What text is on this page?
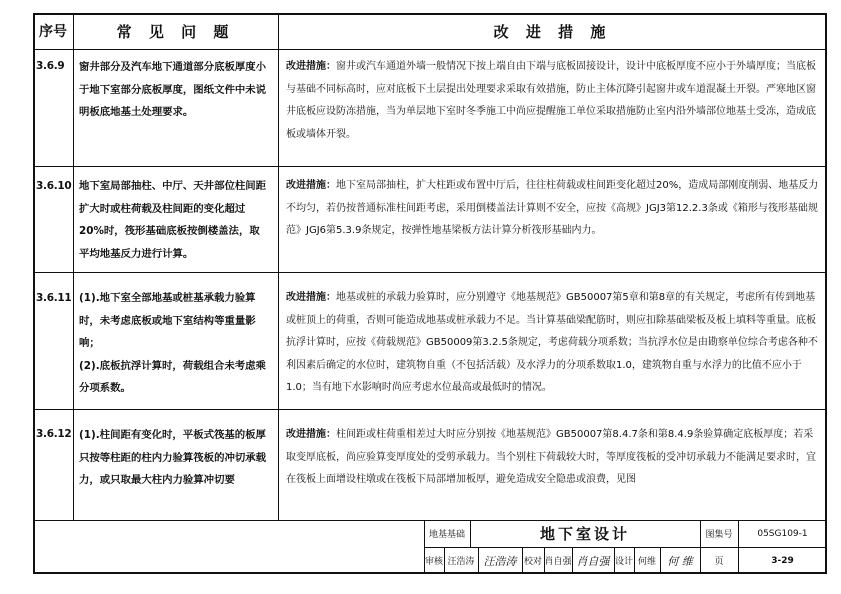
序号	常 见 问 题	改 进 措 施
3.6.9	窗井部分及汽车地下通道部分底板厚度小于地下室部分底板厚度，图纸文件中未说明板底地基土处理要求。
改进措施：窗井或汽车通道外墙一般情况下按上端自由下端与底板固接设计，设计中底板厚度不应小于外墙厚度；当底板与基础不同标高时，应对底板下土层提出处理要求采取有效措施，防止主体沉降引起窗井或车道混凝土开裂。严寒地区窗井底板应设防冻措施，当为单层地下室时冬季施工中尚应提醒施工单位采取措施防止室内沿外墙部位地基土受冻，造成底板或墙体开裂。
3.6.10 地下室局部抽柱、中厅、天井部位柱间距扩大时或柱荷载及柱间距的变化超过20%时，筏形基础底板按倒楼盖法，取平均地基反力进行计算。
改进措施：地下室局部抽柱，扩大柱距或布置中厅后，往往柱荷载或柱间距变化超过20%，造成局部刚度削弱、地基反力不均匀，若仍按普通标准柱间距考虑，采用倒楼盖法计算则不安全，应按《高规》JGJ3第12.2.3条或《箱形与筏形基础规范》JGJ6第5.3.9条规定，按弹性地基梁板方法计算分析筏形基础内力。
3.6.11 (1).地下室全部地基或桩基承载力验算时，未考虑底板或地下室结构等重量影响；
(2).底板抗浮计算时，荷载组合未考虑乘分项系数。
改进措施：地基或桩的承载力验算时，应分别遵守《地基规范》GB50007第5章和第8章的有关规定，考虑所有传到地基或桩顶上的荷重，否则可能造成地基或桩承载力不足。当计算基础梁配筋时，则应扣除基础梁板及板上填料等重量。底板抗浮计算时，应按《荷载规范》GB50009第3.2.5条规定，考虑荷载分项系数；当抗浮水位是由勘察单位综合考虑各种不利因素后确定的水位时，建筑物自重（不包括活载）及水浮力的分项系数取1.0，建筑物自重与水浮力的比值不应小于1.0；当有地下水影响时尚应考虑水位最高或最低时的情况。
3.6.12 (1).柱间距有变化时，平板式筏基的板厚只按等柱距的柱内力验算筏板的冲切承载力，或只取最大柱内力验算冲切要
改进措施：柱间距或柱荷重相差过大时应分别按《地基规范》GB50007第8.4.7条和第8.4.9条验算确定底板厚度；若采取变厚底板，尚应验算变厚度处的受剪承载力。当个别柱下荷载较大时，等厚度筏板的受冲切承载力不能满足要求时，宜在筏板上面增设柱墩或在筏板下局部增加板厚，避免造成安全隐患或浪费，见图
地基基础	地下室设计	图集号	05SG109-1
审核 汪浩涛 汪浩涛 校对 肖自强 肖自强 设计 何维	何 维	页	3-29
